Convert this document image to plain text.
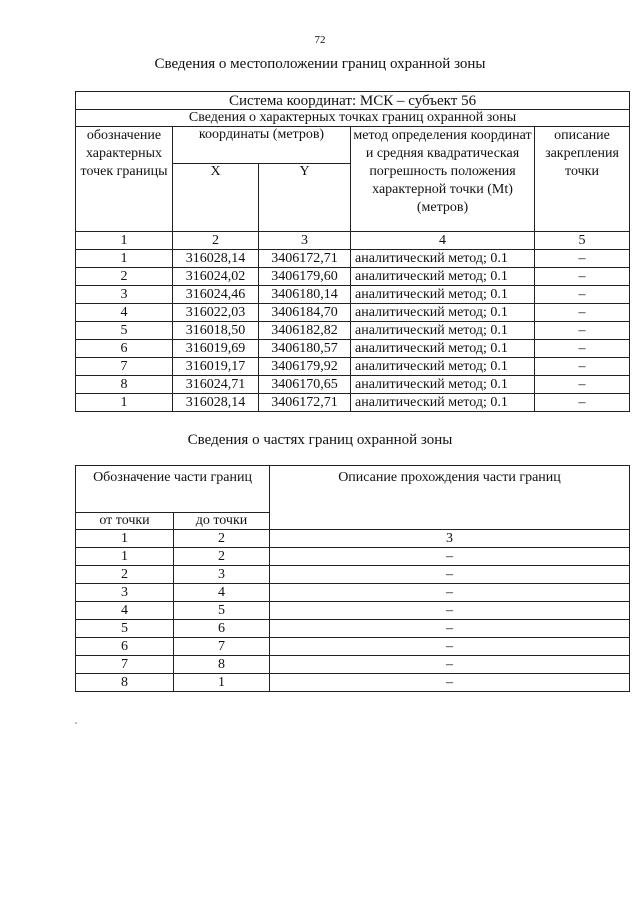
72
Сведения о местоположении границ охранной зоны
Система координат: МСК – субъект 56				
Сведения о характерных точках границ охранной зоны				
обозначение характерных точек границы	координаты (метров)		метод определения координат и средняя квадратическая погрешность положения характерной точки (Mt) (метров)	описание закрепления точки
	X	Y		
1	2	3	4	5
1	316028,14	3406172,71	аналитический метод; 0.1	–
2	316024,02	3406179,60	аналитический метод; 0.1	–
3	316024,46	3406180,14	аналитический метод; 0.1	–
4	316022,03	3406184,70	аналитический метод; 0.1	–
5	316018,50	3406182,82	аналитический метод; 0.1	–
6	316019,69	3406180,57	аналитический метод; 0.1	–
7	316019,17	3406179,92	аналитический метод; 0.1	–
8	316024,71	3406170,65	аналитический метод; 0.1	–
1	316028,14	3406172,71	аналитический метод; 0.1	–
Сведения о частях границ охранной зоны
Обозначение части границ		Описание прохождения части границ
от точки	до точки	
1	2	3
1	2	–
2	3	–
3	4	–
4	5	–
5	6	–
6	7	–
7	8	–
8	1	–
